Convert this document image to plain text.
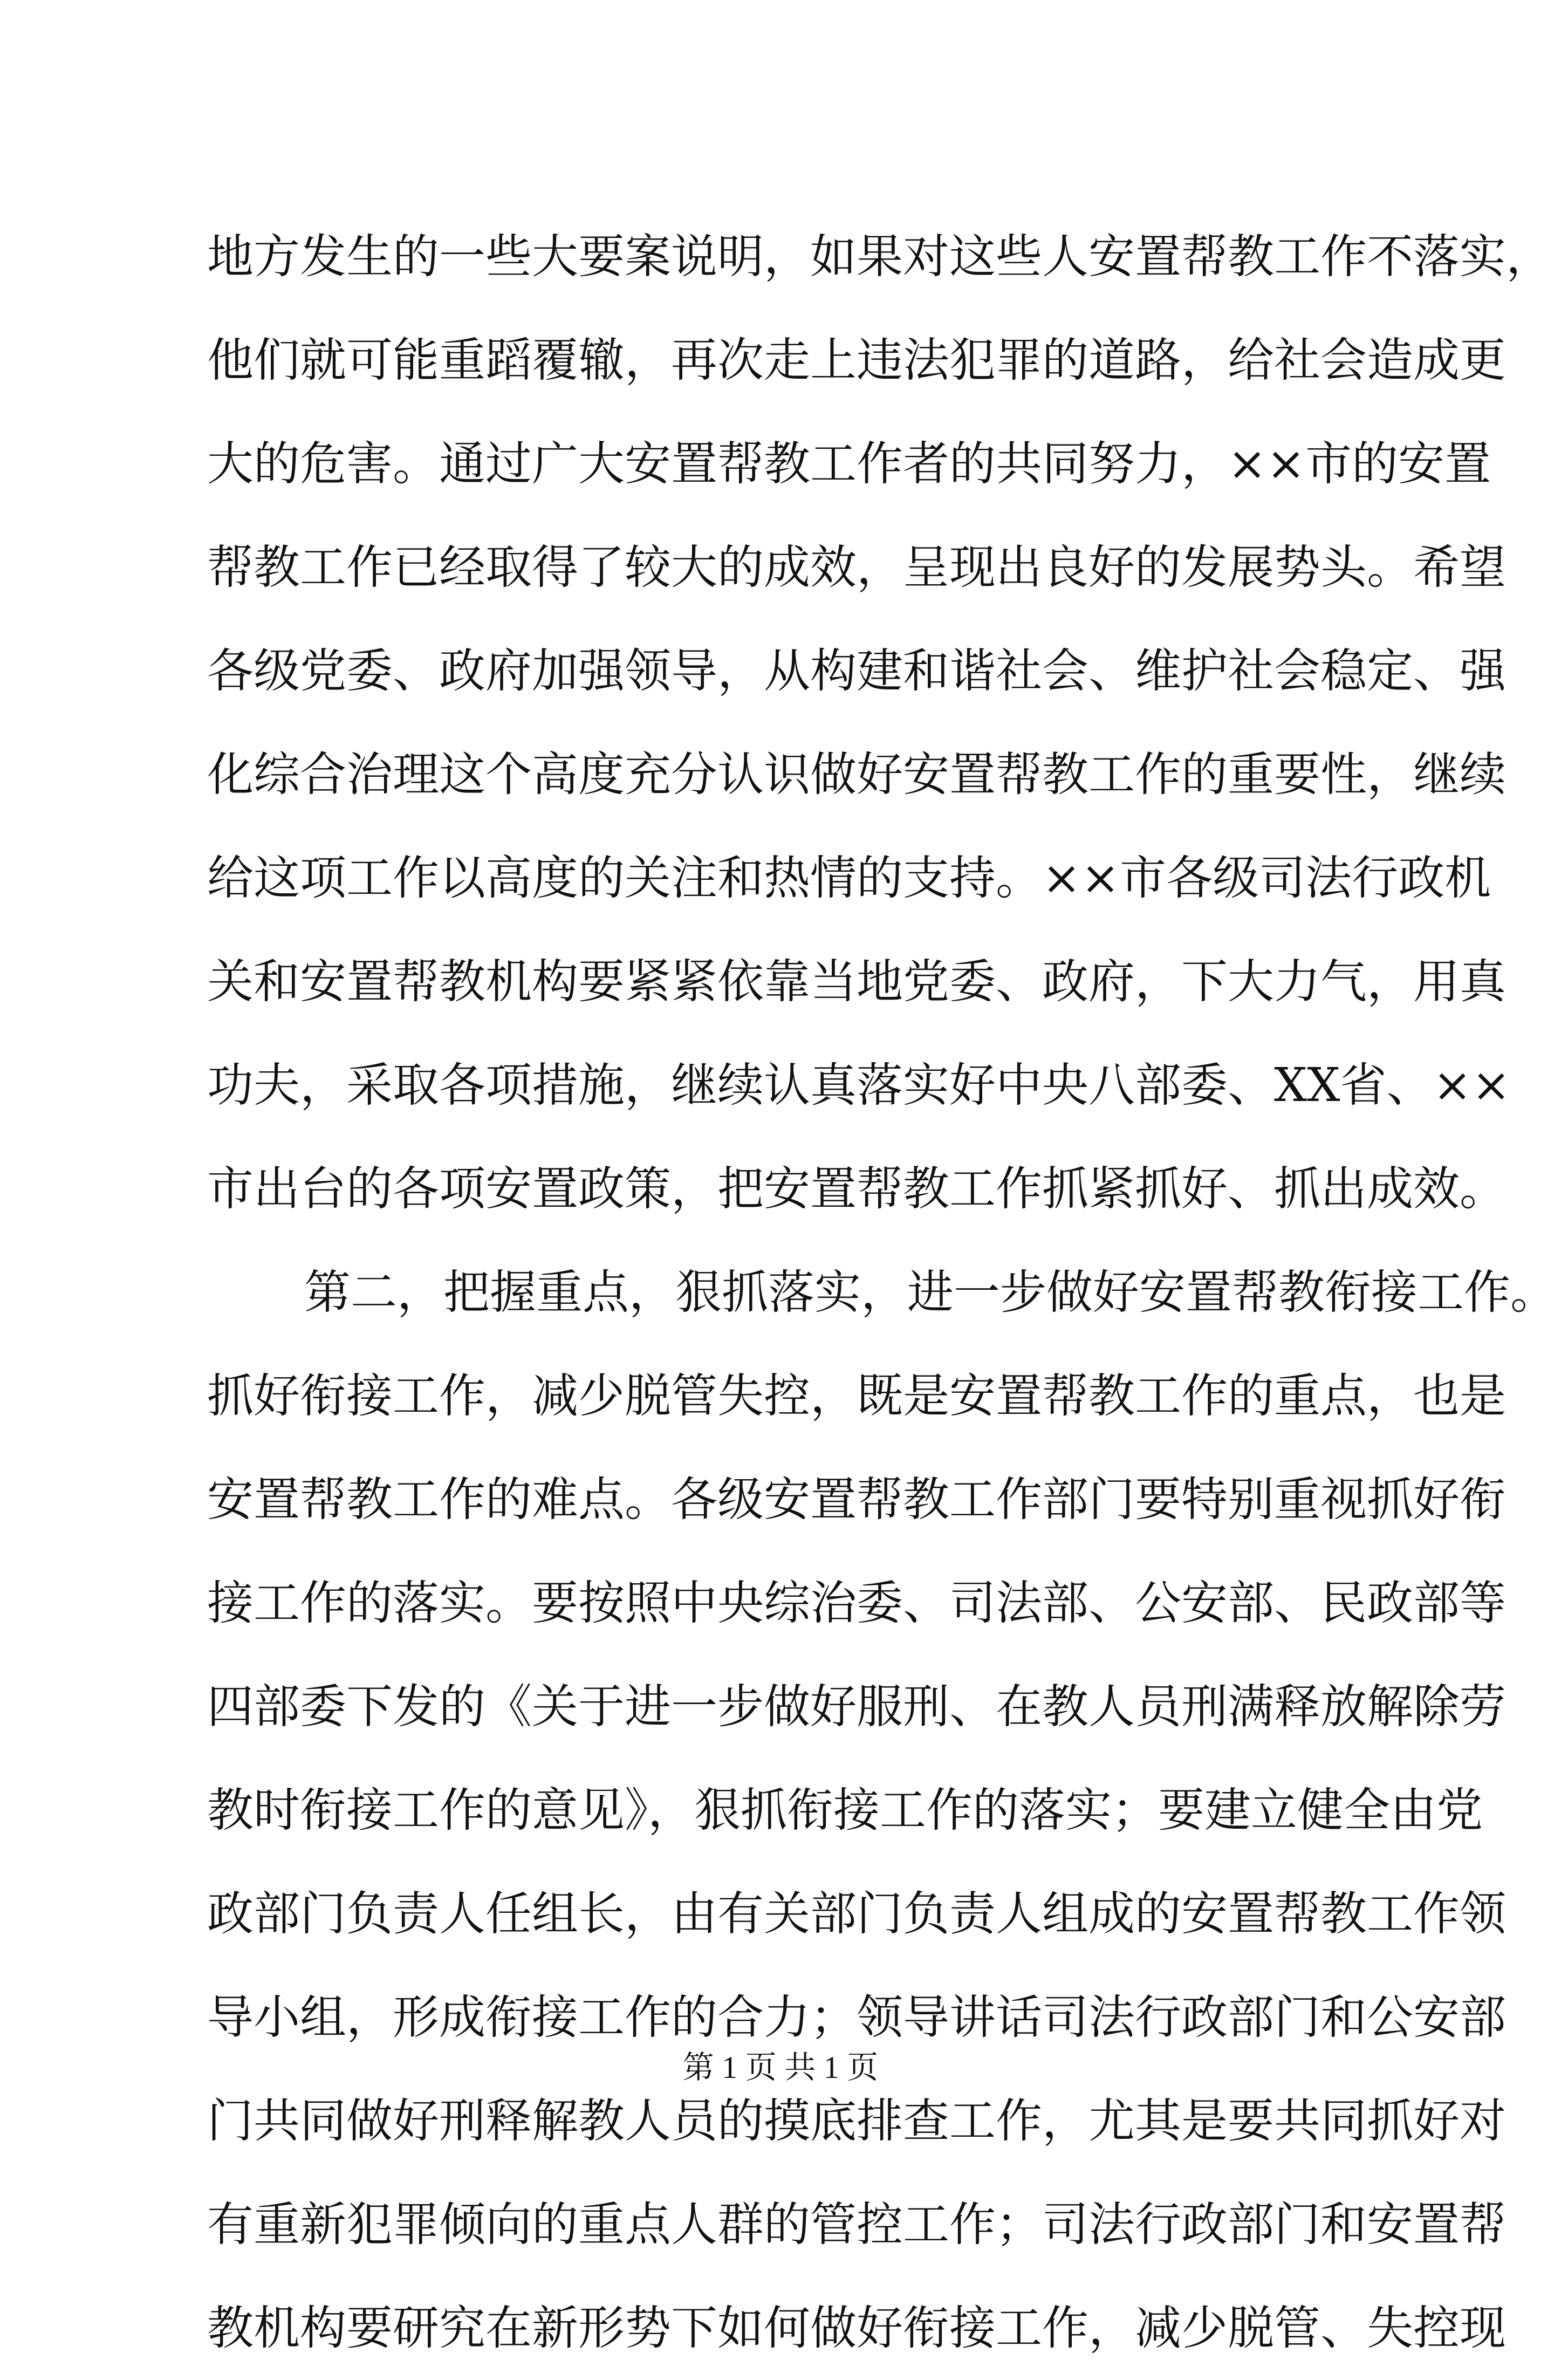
地方发生的一些大要案说明，如果对这些人安置帮教工作不落实，
他们就可能重蹈覆辙，再次走上违法犯罪的道路，给社会造成更
大的危害。通过广大安置帮教工作者的共同努力，××市的安置
帮教工作已经取得了较大的成效，呈现出良好的发展势头。希望
各级党委、政府加强领导，从构建和谐社会、维护社会稳定、强
化综合治理这个高度充分认识做好安置帮教工作的重要性，继续
给这项工作以高度的关注和热情的支持。××市各级司法行政机
关和安置帮教机构要紧紧依靠当地党委、政府，下大力气，用真
功夫，采取各项措施，继续认真落实好中央八部委、XX省、××
市出台的各项安置政策，把安置帮教工作抓紧抓好、抓出成效。
第二，把握重点，狠抓落实，进一步做好安置帮教衔接工作。
抓好衔接工作，减少脱管失控，既是安置帮教工作的重点，也是
安置帮教工作的难点。各级安置帮教工作部门要特别重视抓好衔
接工作的落实。要按照中央综治委、司法部、公安部、民政部等
四部委下发的《关于进一步做好服刑、在教人员刑满释放解除劳
教时衔接工作的意见》，狠抓衔接工作的落实；要建立健全由党
政部门负责人任组长，由有关部门负责人组成的安置帮教工作领
导小组，形成衔接工作的合力；领导讲话司法行政部门和公安部
门共同做好刑释解教人员的摸底排查工作，尤其是要共同抓好对
有重新犯罪倾向的重点人群的管控工作；司法行政部门和安置帮
教机构要研究在新形势下如何做好衔接工作，减少脱管、失控现
第 1 页 共 1 页
